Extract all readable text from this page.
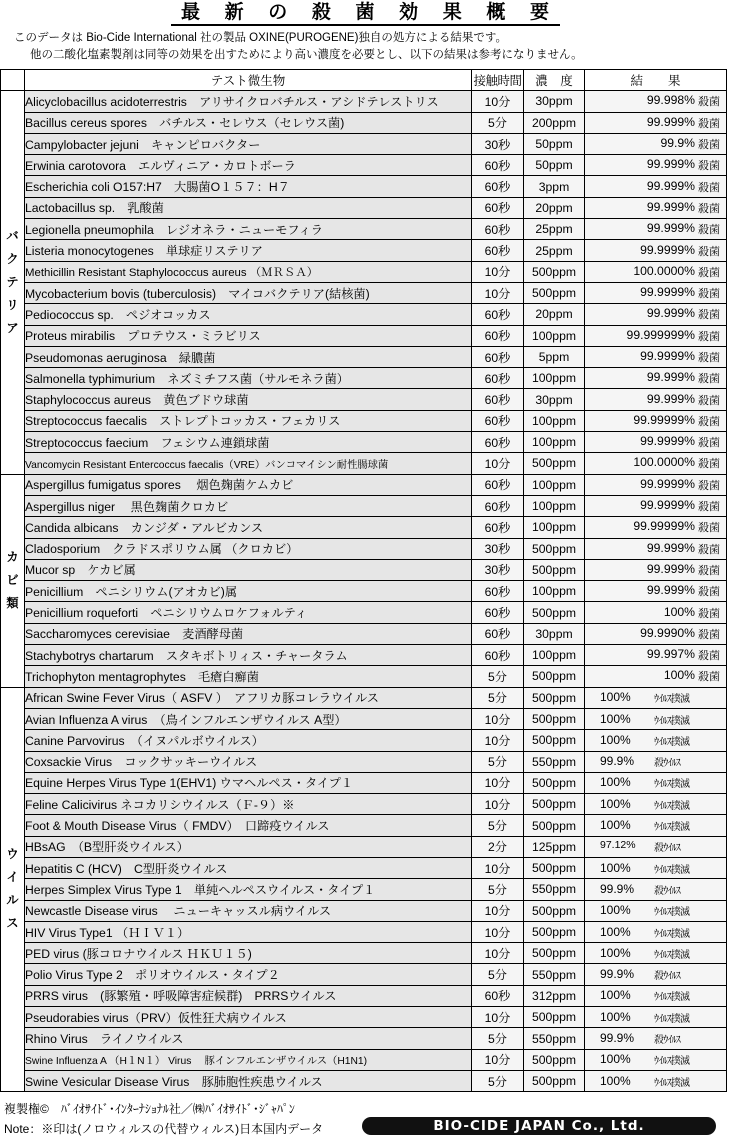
最 新 の 殺 菌 効 果 概 要
このデータは Bio-Cide International 社の製品 OXINE(PUROGENE)独自の処方による結果です。
他の二酸化塩素製剤は同等の効果を出すためにより高い濃度を必要とし、以下の結果は参考になりません。
	テスト微生物	接触時間	濃　度	結　　果

バクテリア	Alicyclobacillus acidoterrestris　アリサイクロバチルス・アシドテレストリス	10分	30ppm	99.998% 殺菌

	Bacillus cereus spores　バチルス・セレウス（セレウス菌)	5分	200ppm	99.999% 殺菌

	Campylobacter jejuni　キャンピロバクター	30秒	50ppm	99.9% 殺菌

	Erwinia carotovora　エルヴィニア・カロトボーラ	60秒	50ppm	99.999% 殺菌

	Escherichia coli O157:H7　大腸菌O１５７：H７	60秒	3ppm	99.999% 殺菌

	Lactobacillus sp.　乳酸菌	60秒	20ppm	99.999% 殺菌

	Legionella pneumophila　レジオネラ・ニューモフィラ	60秒	25ppm	99.999% 殺菌

	Listeria monocytogenes　単球症リステリア	60秒	25ppm	99.9999% 殺菌

	Methicillin Resistant Staphylococcus aureus （ＭＲＳＡ）	10分	500ppm	100.0000% 殺菌

	Mycobacterium bovis (tuberculosis)　マイコバクテリア(結核菌)	10分	500ppm	99.9999% 殺菌

	Pediococcus sp.　ペジオコッカス	60秒	20ppm	99.999% 殺菌

	Proteus mirabilis　プロテウス・ミラビリス	60秒	100ppm	99.999999% 殺菌

	Pseudomonas aeruginosa　緑膿菌	60秒	5ppm	99.9999% 殺菌

	Salmonella typhimurium　ネズミチフス菌（サルモネラ菌）	60秒	100ppm	99.999% 殺菌

	Staphylococcus aureus　黄色ブドウ球菌	60秒	30ppm	99.999% 殺菌

	Streptococcus faecalis　ストレプトコッカス・フェカリス	60秒	100ppm	99.99999% 殺菌

	Streptococcus faecium　フェシウム連鎖球菌	60秒	100ppm	99.9999% 殺菌

	Vancomycin Resistant Entercoccus faecalis（VRE）バンコマイシン耐性腸球菌	10分	500ppm	100.0000% 殺菌

カビ類	Aspergillus fumigatus spores　 烟色麹菌ケムカビ	60秒	100ppm	99.9999% 殺菌

	Aspergillus niger　 黒色麹菌クロカビ	60秒	100ppm	99.9999% 殺菌

	Candida albicans　カンジダ・アルビカンス	60秒	100ppm	99.99999% 殺菌

	Cladosporium　クラドスポリウム属 （クロカビ）	30秒	500ppm	99.999% 殺菌

	Mucor sp　ケカビ属	30秒	500ppm	99.999% 殺菌

	Penicillium　ペニシリウム(アオカビ)属	60秒	100ppm	99.999% 殺菌

	Penicillium roqueforti　ペニシリウムロケフォルティ	60秒	500ppm	100% 殺菌

	Saccharomyces cerevisiae　麦酒酵母菌	60秒	30ppm	99.9990% 殺菌

	Stachybotrys chartarum　スタキボトリィス・チャータラム	60秒	100ppm	99.997% 殺菌

	Trichophyton mentagrophytes　毛瘡白癬菌	5分	500ppm	100% 殺菌

ウイルス	African Swine Fever Virus（ ASFV ）　アフリカ豚コレラウイルス	5分	500ppm	100% ｳｲﾙｽ撲滅

	Avian Influenza A virus　（鳥インフルエンザウイルス A型）	10分	500ppm	100% ｳｲﾙｽ撲滅

	Canine Parvovirus　（イヌパルボウイルス）	10分	500ppm	100% ｳｲﾙｽ撲滅

	Coxsackie Virus　コックサッキーウイルス	5分	550ppm	99.9% 殺ｳｲﾙｽ

	Equine Herpes Virus Type 1(EHV1) ウマヘルペス・タイプ１	10分	500ppm	100% ｳｲﾙｽ撲滅

	Feline Calicivirus ネコカリシウイルス（Ｆ-９）※	10分	500ppm	100% ｳｲﾙｽ撲滅

	Foot & Mouth Disease Virus（ FMDV）　口蹄疫ウイルス	5分	500ppm	100% ｳｲﾙｽ撲滅

	HBsAG　（B型肝炎ウイルス）	2分	125ppm	97.12% 殺ｳｲﾙｽ

	Hepatitis C (HCV)　C型肝炎ウイルス	10分	500ppm	100% ｳｲﾙｽ撲滅

	Herpes Simplex Virus Type 1　単純ヘルペスウイルス・タイプ１	5分	550ppm	99.9% 殺ｳｲﾙｽ

	Newcastle Disease virus　 ニューキャッスル病ウイルス	10分	500ppm	100% ｳｲﾙｽ撲滅

	HIV Virus Type1 （ＨＩＶ１）	10分	500ppm	100% ｳｲﾙｽ撲滅

	PED virus (豚コロナウイルス ＨＫＵ１５)	10分	500ppm	100% ｳｲﾙｽ撲滅

	Polio Virus Type 2　ポリオウイルス・タイプ２	5分	550ppm	99.9% 殺ｳｲﾙｽ

	PRRS virus　(豚繁殖・呼吸障害症候群)　PRRSウイルス	60秒	312ppm	100% ｳｲﾙｽ撲滅

	Pseudorabies virus（PRV）仮性狂犬病ウイルス	10分	500ppm	100% ｳｲﾙｽ撲滅

	Rhino Virus　ライノウイルス	5分	550ppm	99.9% 殺ｳｲﾙｽ

	Swine Influenza A （H１N１） Virus　 豚インフルエンザウイルス（H1N1)	10分	500ppm	100% ｳｲﾙｽ撲滅

	Swine Vesicular Disease Virus　豚肺胞性疾患ウイルス	5分	500ppm	100% ｳｲﾙｽ撲滅
複製権©　ﾊﾞｲｵｻｲﾄﾞ･ｲﾝﾀｰﾅｼｮﾅﾙ社／㈱ﾊﾞｲｵｻｲﾄﾞ･ｼﾞｬﾊﾟﾝ
Note：※印は(ノロウィルスの代替ウィルス)日本国内データ	BIO-CIDE JAPAN Co., Ltd.
